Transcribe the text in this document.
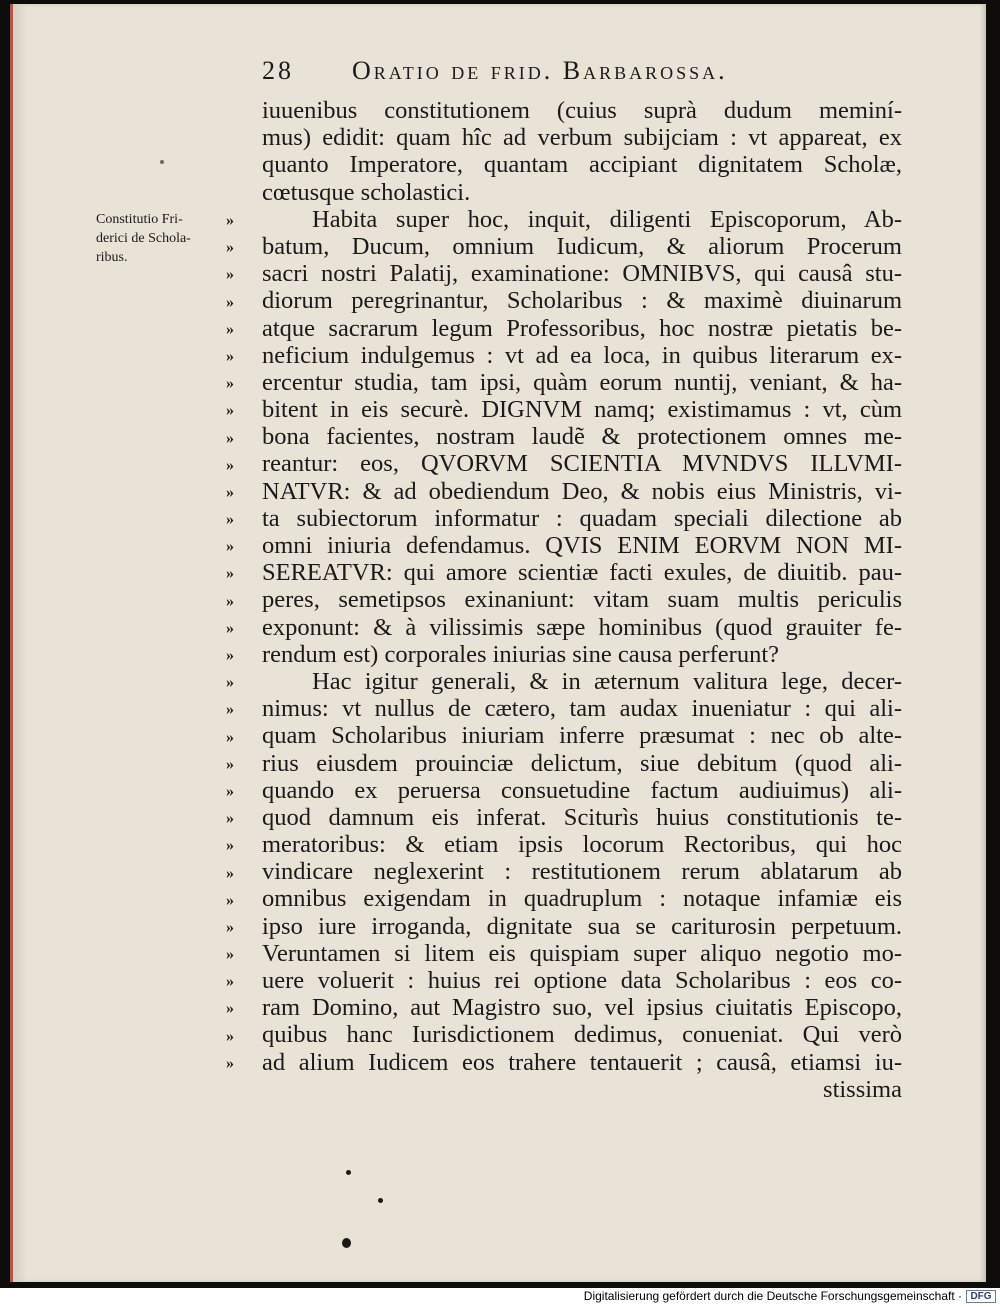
28 Oratio de frid. Barbarossa.
Constitutio Fri-
derici de Schola-
ribus.
»
»
»
»
»
»
»
»
»
»
»
»
»
»
»
»
»
»
»
»
»
»
»
»
»
»
»
»
»
»
»
»
iuuenibus constitutionem (cuius suprà dudum meminí-
mus) edidit: quam hîc ad verbum subijciam : vt appareat, ex
quanto Imperatore, quantam accipiant dignitatem Scholæ,
cœtusque scholastici.
Habita super hoc, inquit, diligenti Episcoporum, Ab-
batum, Ducum, omnium Iudicum, & aliorum Procerum
sacri nostri Palatij, examinatione: OMNIBVS, qui causâ stu-
diorum peregrinantur, Scholaribus : & maximè diuinarum
atque sacrarum legum Professoribus, hoc nostræ pietatis be-
neficium indulgemus : vt ad ea loca, in quibus literarum ex-
ercentur studia, tam ipsi, quàm eorum nuntij, veniant, & ha-
bitent in eis securè. DIGNVM namq; existimamus : vt, cùm
bona facientes, nostram laudẽ & protectionem omnes me-
reantur: eos, QVORVM SCIENTIA MVNDVS ILLVMI-
NATVR: & ad obediendum Deo, & nobis eius Ministris, vi-
ta subiectorum informatur : quadam speciali dilectione ab
omni iniuria defendamus. QVIS ENIM EORVM NON MI-
SEREATVR: qui amore scientiæ facti exules, de diuitib. pau-
peres, semetipsos exinaniunt: vitam suam multis periculis
exponunt: & à vilissimis sæpe hominibus (quod grauiter fe-
rendum est) corporales iniurias sine causa perferunt?
Hac igitur generali, & in æternum valitura lege, decer-
nimus: vt nullus de cætero, tam audax inueniatur : qui ali-
quam Scholaribus iniuriam inferre præsumat : nec ob alte-
rius eiusdem prouinciæ delictum, siue debitum (quod ali-
quando ex peruersa consuetudine factum audiuimus) ali-
quod damnum eis inferat. Sciturìs huius constitutionis te-
meratoribus: & etiam ipsis locorum Rectoribus, qui hoc
vindicare neglexerint : restitutionem rerum ablatarum ab
omnibus exigendam in quadruplum : notaque infamiæ eis
ipso iure irroganda, dignitate sua se cariturosin perpetuum.
Veruntamen si litem eis quispiam super aliquo negotio mo-
uere voluerit : huius rei optione data Scholaribus : eos co-
ram Domino, aut Magistro suo, vel ipsius ciuitatis Episcopo,
quibus hanc Iurisdictionem dedimus, conueniat. Qui verò
ad alium Iudicem eos trahere tentauerit ; causâ, etiamsi iu-
stissima
Digitalisierung gefördert durch die Deutsche Forschungsgemeinschaft · DFG
